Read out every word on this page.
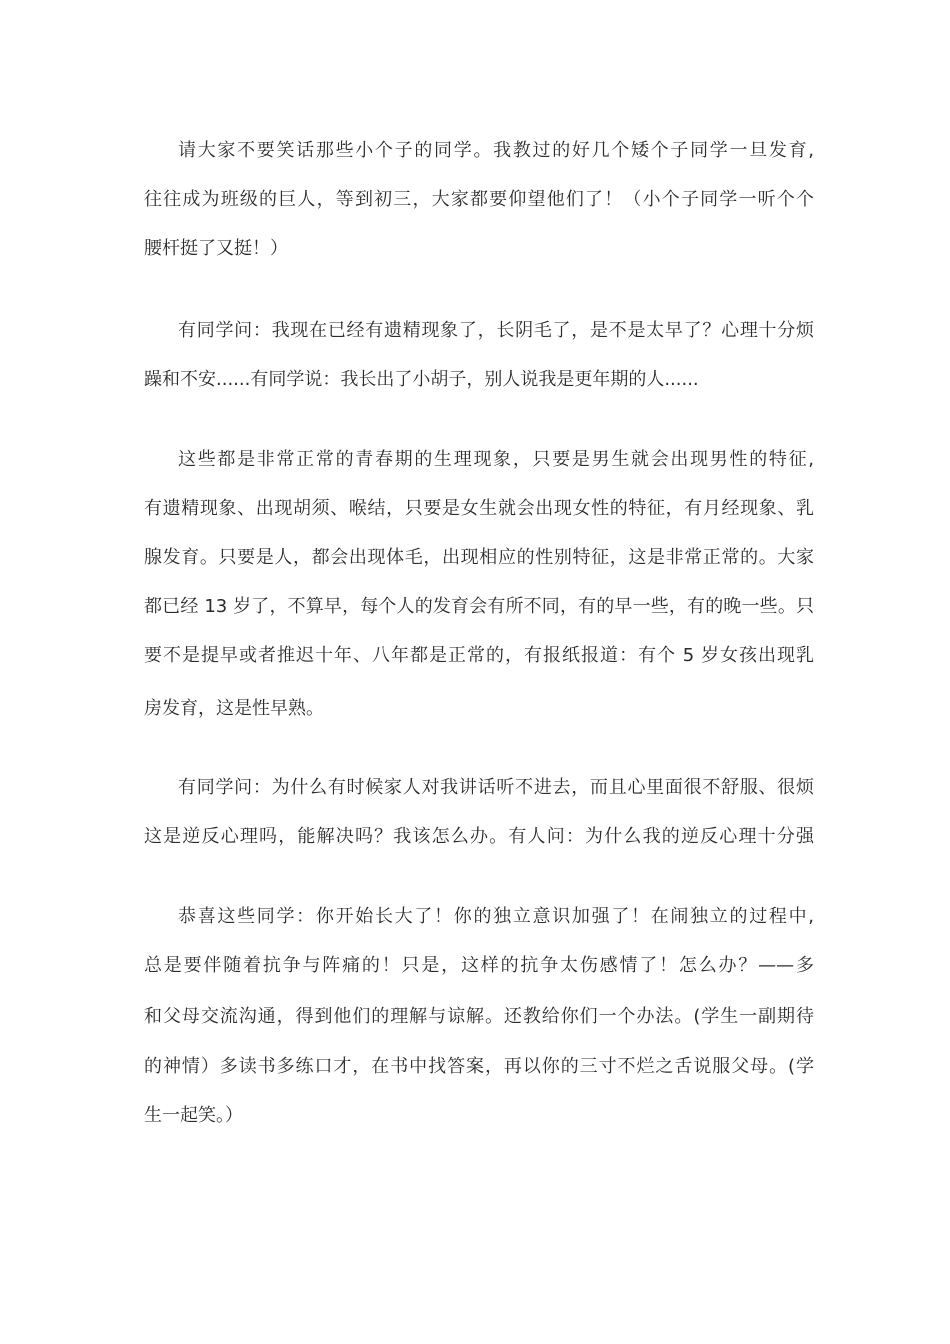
请大家不要笑话那些小个子的同学。我教过的好几个矮个子同学一旦发育,
往往成为班级的巨人，等到初三，大家都要仰望他们了！（小个子同学一听个个
腰杆挺了又挺！）
有同学问：我现在已经有遗精现象了，长阴毛了，是不是太早了？心理十分烦
躁和不安......有同学说：我长出了小胡子，别人说我是更年期的人......
这些都是非常正常的青春期的生理现象，只要是男生就会出现男性的特征,
有遗精现象、出现胡须、喉结，只要是女生就会出现女性的特征，有月经现象、乳
腺发育。只要是人，都会出现体毛，出现相应的性别特征，这是非常正常的。大家
都已经 13 岁了，不算早，每个人的发育会有所不同，有的早一些，有的晚一些。只
要不是提早或者推迟十年、八年都是正常的，有报纸报道：有个 5 岁女孩出现乳
房发育，这是性早熟。
有同学问：为什么有时候家人对我讲话听不进去，而且心里面很不舒服、很烦
这是逆反心理吗，能解决吗？我该怎么办。有人问：为什么我的逆反心理十分强
恭喜这些同学：你开始长大了！你的独立意识加强了！在闹独立的过程中,
总是要伴随着抗争与阵痛的！只是，这样的抗争太伤感情了！怎么办？——多
和父母交流沟通，得到他们的理解与谅解。还教给你们一个办法。(学生一副期待
的神情）多读书多练口才，在书中找答案，再以你的三寸不烂之舌说服父母。(学
生一起笑。）
